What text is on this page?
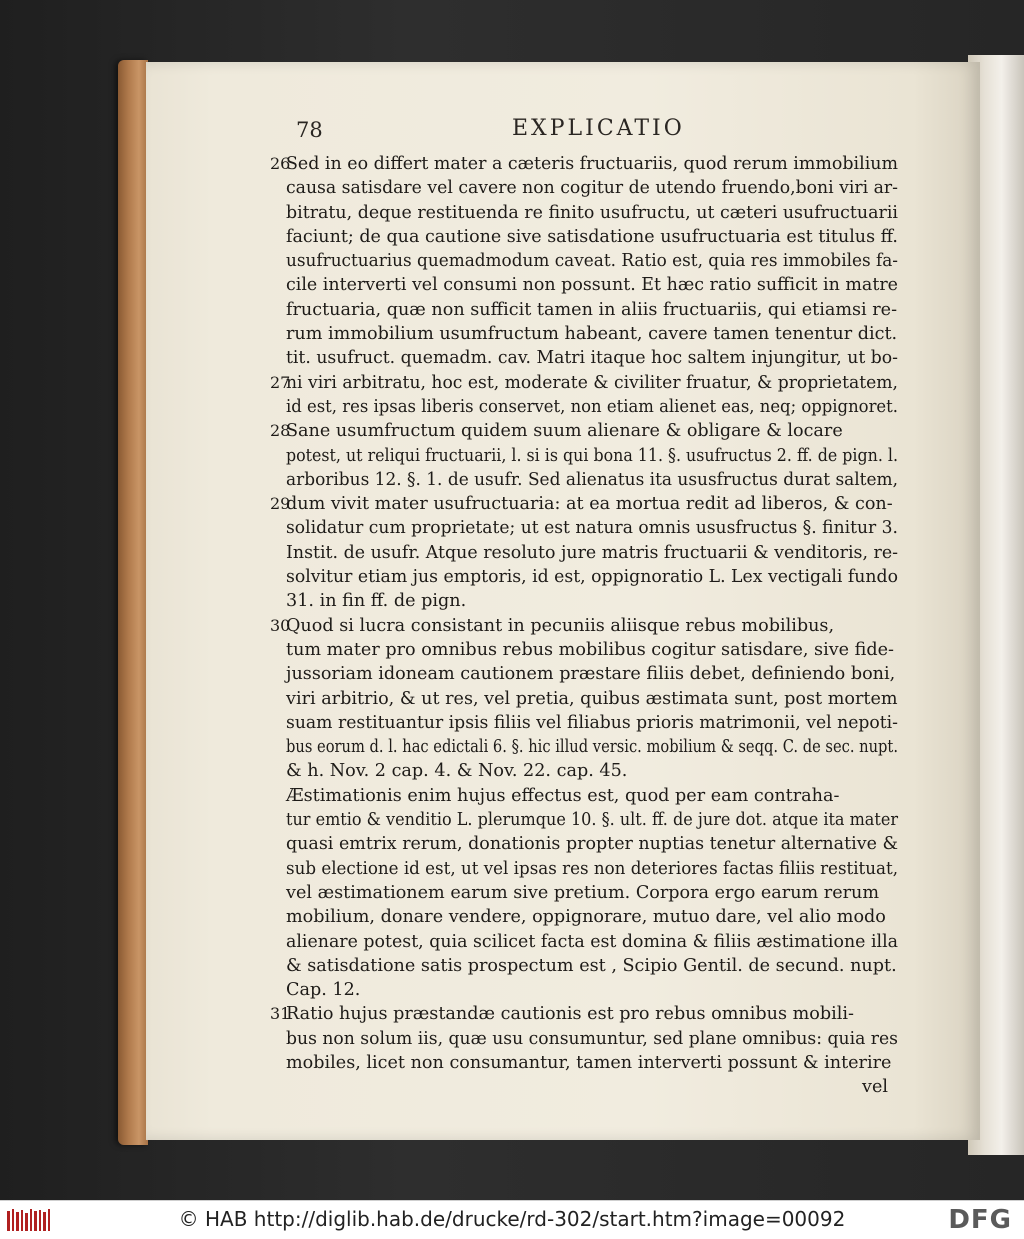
78	EXPLICATIO
26
Sed in eo differt mater a cæteris fructuariis, quod rerum immobilium
causa satisdare vel cavere non cogitur de utendo fruendo,boni viri ar-
bitratu, deque restituenda re finito usufructu, ut cæteri usufructuarii
faciunt; de qua cautione sive satisdatione usufructuaria est titulus ff.
usufructuarius quemadmodum caveat. Ratio est, quia res immobiles fa-
cile interverti vel consumi non possunt. Et hæc ratio sufficit in matre
fructuaria, quæ non sufficit tamen in aliis fructuariis, qui etiamsi re-
rum immobilium usumfructum habeant, cavere tamen tenentur dict.
tit. usufruct. quemadm. cav. Matri itaque hoc saltem injungitur, ut bo-
27
ni viri arbitratu, hoc est, moderate & civiliter fruatur, & proprietatem,
id est, res ipsas liberis conservet, non etiam alienet eas, neq; oppignoret.
28
Sane usumfructum quidem suum alienare & obligare & locare
potest, ut reliqui fructuarii, l. si is qui bona 11. §. usufructus 2. ff. de pign. l.
arboribus 12. §. 1. de usufr. Sed alienatus ita ususfructus durat saltem,
29
dum vivit mater usufructuaria: at ea mortua redit ad liberos, & con-
solidatur cum proprietate; ut est natura omnis ususfructus §. finitur 3.
Instit. de usufr. Atque resoluto jure matris fructuarii & venditoris, re-
solvitur etiam jus emptoris, id est, oppignoratio L. Lex vectigali fundo
31. in fin ff. de pign.
30
Quod si lucra consistant in pecuniis aliisque rebus mobilibus,
tum mater pro omnibus rebus mobilibus cogitur satisdare, sive fide-
jussoriam idoneam cautionem præstare filiis debet, definiendo boni,
viri arbitrio, & ut res, vel pretia, quibus æstimata sunt, post mortem
suam restituantur ipsis filiis vel filiabus prioris matrimonii, vel nepoti-
bus eorum d. l. hac edictali 6. §. hic illud versic. mobilium & seqq. C. de sec. nupt.
& h. Nov. 2 cap. 4. & Nov. 22. cap. 45.
Æstimationis enim hujus effectus est, quod per eam contraha-
tur emtio & venditio L. plerumque 10. §. ult. ff. de jure dot. atque ita mater
quasi emtrix rerum, donationis propter nuptias tenetur alternative &
sub electione id est, ut vel ipsas res non deteriores factas filiis restituat,
vel æstimationem earum sive pretium. Corpora ergo earum rerum
mobilium, donare vendere, oppignorare, mutuo dare, vel alio modo
alienare potest, quia scilicet facta est domina & filiis æstimatione illa
& satisdatione satis prospectum est , Scipio Gentil. de secund. nupt.
Cap. 12.
31
Ratio hujus præstandæ cautionis est pro rebus omnibus mobili-
bus non solum iis, quæ usu consumuntur, sed plane omnibus: quia res
mobiles, licet non consumantur, tamen interverti possunt & interire
vel
© HAB http://diglib.hab.de/drucke/rd-302/start.htm?image=00092	DFG
